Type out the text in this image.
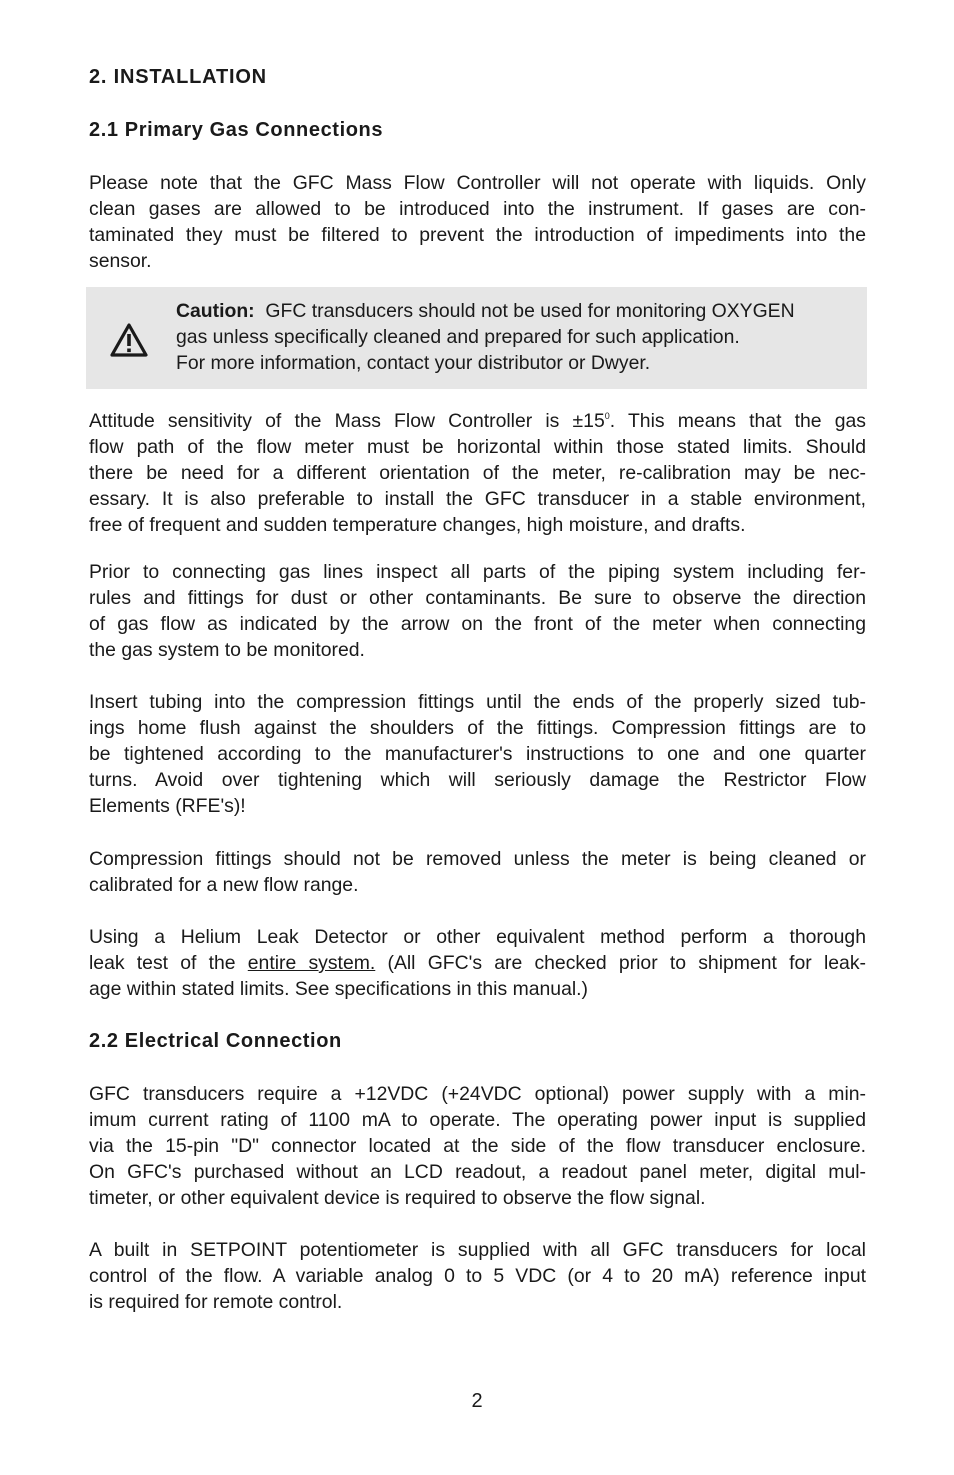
2. INSTALLATION
2.1 Primary Gas Connections
Please note that the GFC Mass Flow Controller will not operate with liquids. Only
clean gases are allowed to be introduced into the instrument. If gases are con-
taminated they must be filtered to prevent the introduction of impediments into the
sensor.
Caution: GFC transducers should not be used for monitoring OXYGEN
gas unless specifically cleaned and prepared for such application.
For more information, contact your distributor or Dwyer.
Attitude sensitivity of the Mass Flow Controller is $\pm 15^0$. This means that the gas
flow path of the flow meter must be horizontal within those stated limits. Should
there be need for a different orientation of the meter, re-calibration may be nec-
essary. It is also preferable to install the GFC transducer in a stable environment,
free of frequent and sudden temperature changes, high moisture, and drafts.
Prior to connecting gas lines inspect all parts of the piping system including fer-
rules and fittings for dust or other contaminants. Be sure to observe the direction
of gas flow as indicated by the arrow on the front of the meter when connecting
the gas system to be monitored.
Insert tubing into the compression fittings until the ends of the properly sized tub-
ings home flush against the shoulders of the fittings. Compression fittings are to
be tightened according to the manufacturer's instructions to one and one quarter
turns. Avoid over tightening which will seriously damage the Restrictor Flow
Elements (RFE's)!
Compression fittings should not be removed unless the meter is being cleaned or
calibrated for a new flow range.
Using a Helium Leak Detector or other equivalent method perform a thorough
leak test of the entire system. (All GFC's are checked prior to shipment for leak-
age within stated limits. See specifications in this manual.)
2.2 Electrical Connection
GFC transducers require a +12VDC (+24VDC optional) power supply with a min-
imum current rating of 1100 mA to operate. The operating power input is supplied
via the 15-pin "D" connector located at the side of the flow transducer enclosure.
On GFC's purchased without an LCD readout, a readout panel meter, digital mul-
timeter, or other equivalent device is required to observe the flow signal.
A built in SETPOINT potentiometer is supplied with all GFC transducers for local
control of the flow. A variable analog 0 to 5 VDC (or 4 to 20 mA) reference input
is required for remote control.
2
